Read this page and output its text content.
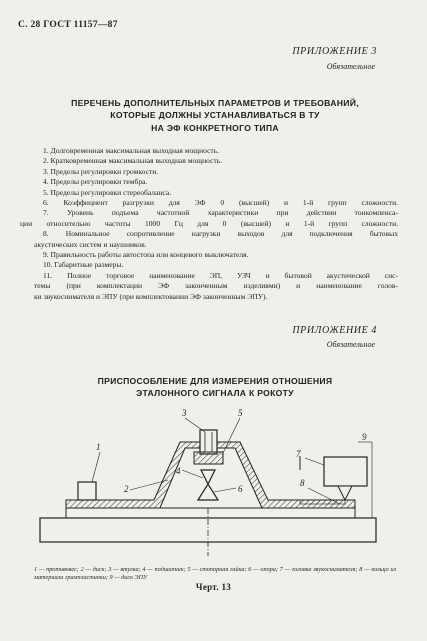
С. 28 ГОСТ 11157—87
ПРИЛОЖЕНИЕ 3
Обязательное
ПЕРЕЧЕНЬ ДОПОЛНИТЕЛЬНЫХ ПАРАМЕТРОВ И ТРЕБОВАНИЙ,
КОТОРЫЕ ДОЛЖНЫ УСТАНАВЛИВАТЬСЯ В ТУ
НА ЭФ КОНКРЕТНОГО ТИПА

1. Долговременная максимальная выходная мощность.

2. Кратковременная максимальная выходная мощность.

3. Пределы регулировки громкости.

4. Пределы регулировки тембра.

5. Пределы регулировки стереобаланса.

6. Коэффициент разгрузки для ЭФ 0 (высшей) и 1-й групп сложности.

7. Уровень подъема частотной характеристики при действии тонкомпенса-

ции относительно частоты 1000 Гц для 0 (высшей) и 1-й групп сложности.

8. Номинальное сопротивление нагрузки выходов для подключения бытовых

акустических систем и наушников.

9. Правильность работы автостопа или концевого выключателя.

10. Габаритные размеры.

11. Полное торговое наименование ЭП, УЗЧ и бытовой акустической сис-

темы (при комплектации ЭФ законченным изделиями) и наименование голов-

ки звукоснимателя и ЭПУ (при комплектовании ЭФ законченным ЭПУ).

ПРИЛОЖЕНИЕ 4
Обязательное
ПРИСПОСОБЛЕНИЕ ДЛЯ ИЗМЕРЕНИЯ ОТНОШЕНИЯ
ЭТАЛОННОГО СИГНАЛА К РОКОТУ
1
2
3
4
5
6
7
8
9
1 — противовес; 2 — диск; 3 — втулка; 4 — подшипник; 5 — стопорная гайка; 6 — опора; 7 — головка звукоснимателя; 8 — кольцо из материала грампластинки; 9 — диск ЭПУ
Черт. 13
